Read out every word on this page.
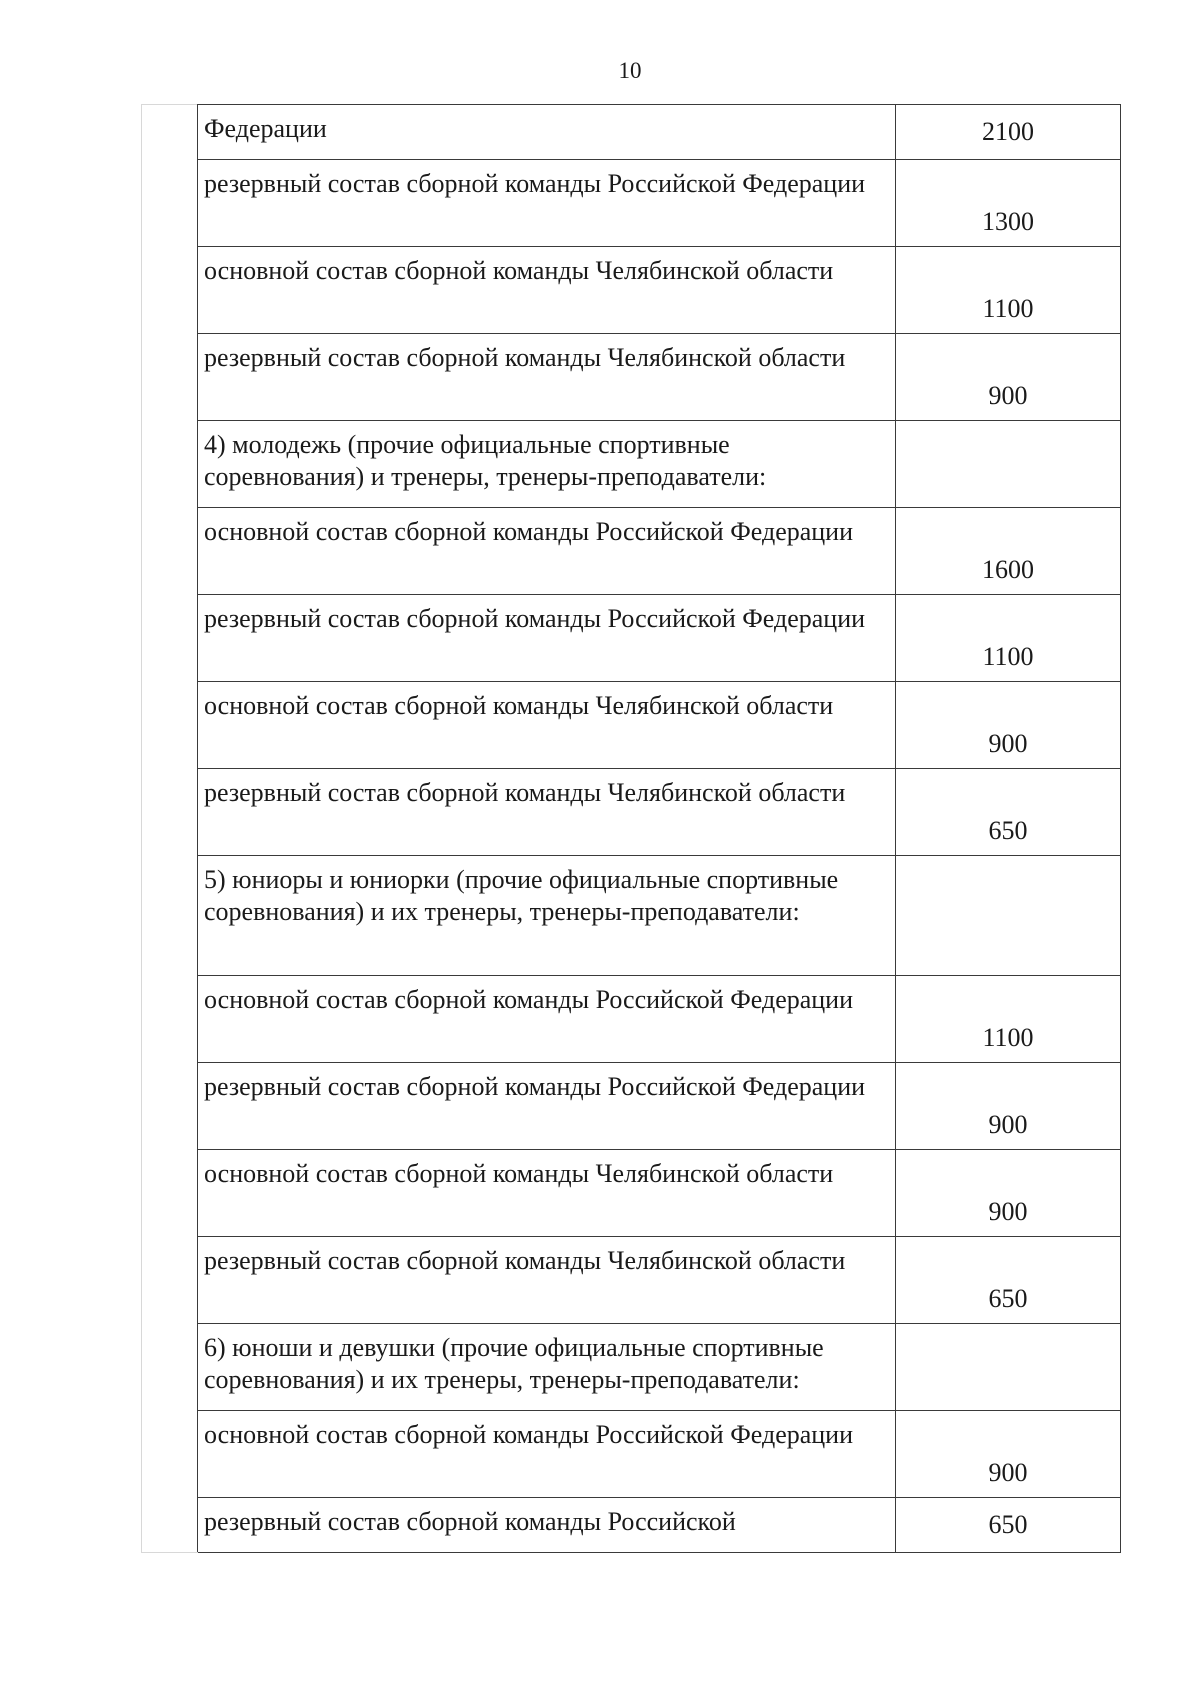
10
	Федерации	2100
	резервный состав сборной команды Российской Федерации	1300
	основной состав сборной команды Челябинской области	1100
	резервный состав сборной команды Челябинской области	900
	4) молодежь (прочие официальные спортивные соревнования) и тренеры, тренеры-преподаватели:	
	основной состав сборной команды Российской Федерации	1600
	резервный состав сборной команды Российской Федерации	1100
	основной состав сборной команды Челябинской области	900
	резервный состав сборной команды Челябинской области	650
	5) юниоры и юниорки (прочие официальные спортивные соревнования) и их тренеры, тренеры-преподаватели:	
	основной состав сборной команды Российской Федерации	1100
	резервный состав сборной команды Российской Федерации	900
	основной состав сборной команды Челябинской области	900
	резервный состав сборной команды Челябинской области	650
	6) юноши и девушки (прочие официальные спортивные соревнования) и их тренеры, тренеры-преподаватели:	
	основной состав сборной команды Российской Федерации	900
	резервный состав сборной команды Российской	650
